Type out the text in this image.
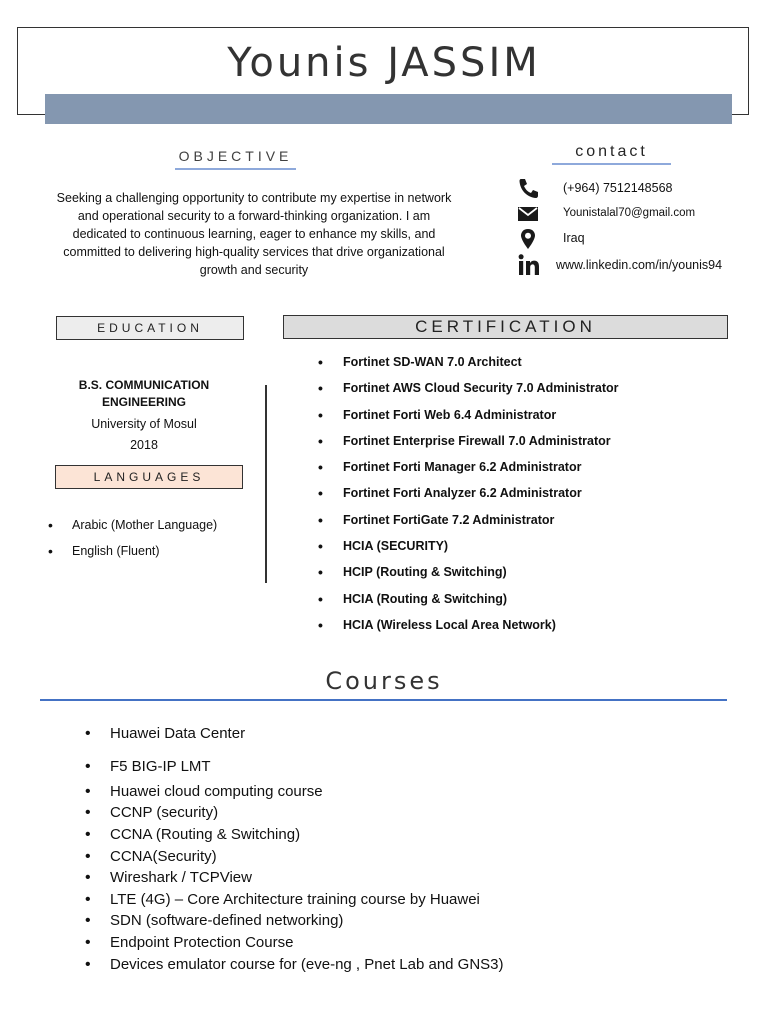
Younis JASSIM
OBJECTIVE
Seeking a challenging opportunity to contribute my expertise in network
and operational security to a forward-thinking organization. I am
dedicated to continuous learning, eager to enhance my skills, and
committed to delivering high-quality services that drive organizational
growth and security
contact
(+964) 7512148568
Younistalal70@gmail.com
Iraq
www.linkedin.com/in/younis94
EDUCATION	CERTIFICATION
B.S. COMMUNICATION
ENGINEERING
University of Mosul
2018
LANGUAGES
• Arabic (Mother Language)
• English (Fluent)
• Fortinet SD-WAN 7.0 Architect
• Fortinet AWS Cloud Security 7.0 Administrator
• Fortinet Forti Web 6.4 Administrator
• Fortinet Enterprise Firewall 7.0 Administrator
• Fortinet Forti Manager 6.2 Administrator
• Fortinet Forti Analyzer 6.2 Administrator
• Fortinet FortiGate 7.2 Administrator
• HCIA (SECURITY)
• HCIP (Routing & Switching)
• HCIA (Routing & Switching)
• HCIA (Wireless Local Area Network)
Courses
• Huawei Data Center
• F5 BIG-IP LMT
• Huawei cloud computing course
• CCNP (security)
• CCNA (Routing & Switching)
• CCNA(Security)
• Wireshark / TCPView
• LTE (4G) – Core Architecture training course by Huawei
• SDN (software-defined networking)
• Endpoint Protection Course
• Devices emulator course for (eve-ng , Pnet Lab and GNS3)
